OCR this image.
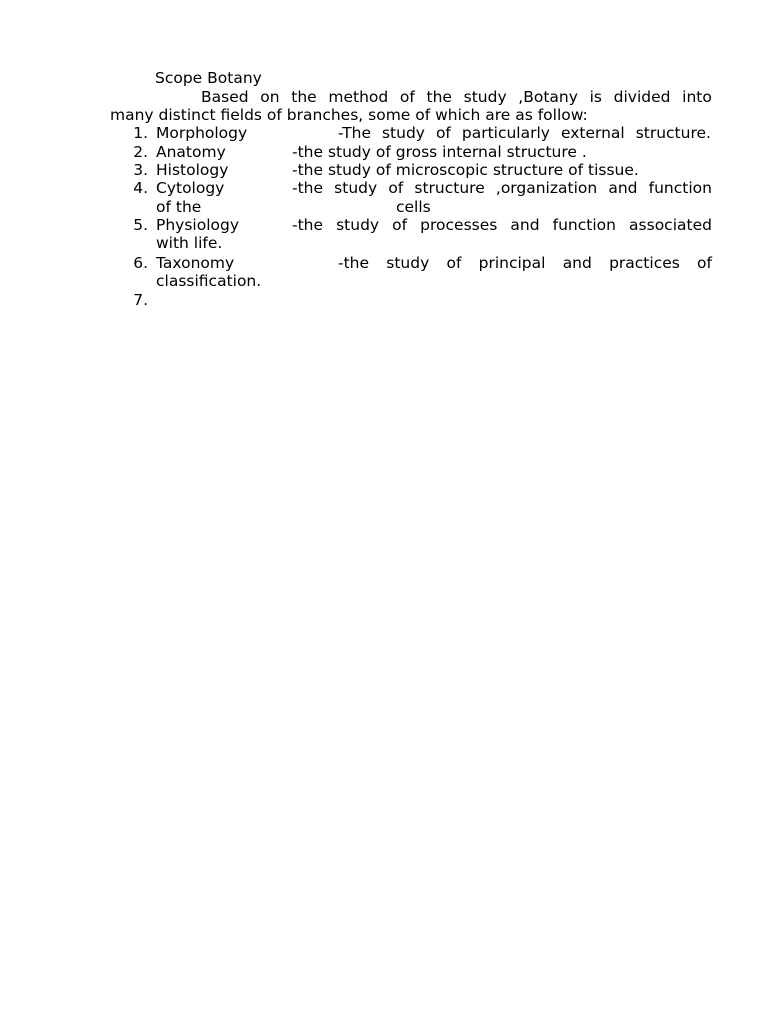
Scope Botany
Based on the method of the study ,Botany is divided into
many distinct fields of branches, some of which are as follow:
1. Morphology	-The study of particularly external structure.
2. Anatomy	-the study of gross internal structure .
3. Histology	-the study of microscopic structure of tissue.
4. Cytology	-the study of structure ,organization and function
of the	cells
5. Physiology	-the study of processes and function associated
with life.
6. Taxonomy	-the study of principal and practices of
classification.
7.
